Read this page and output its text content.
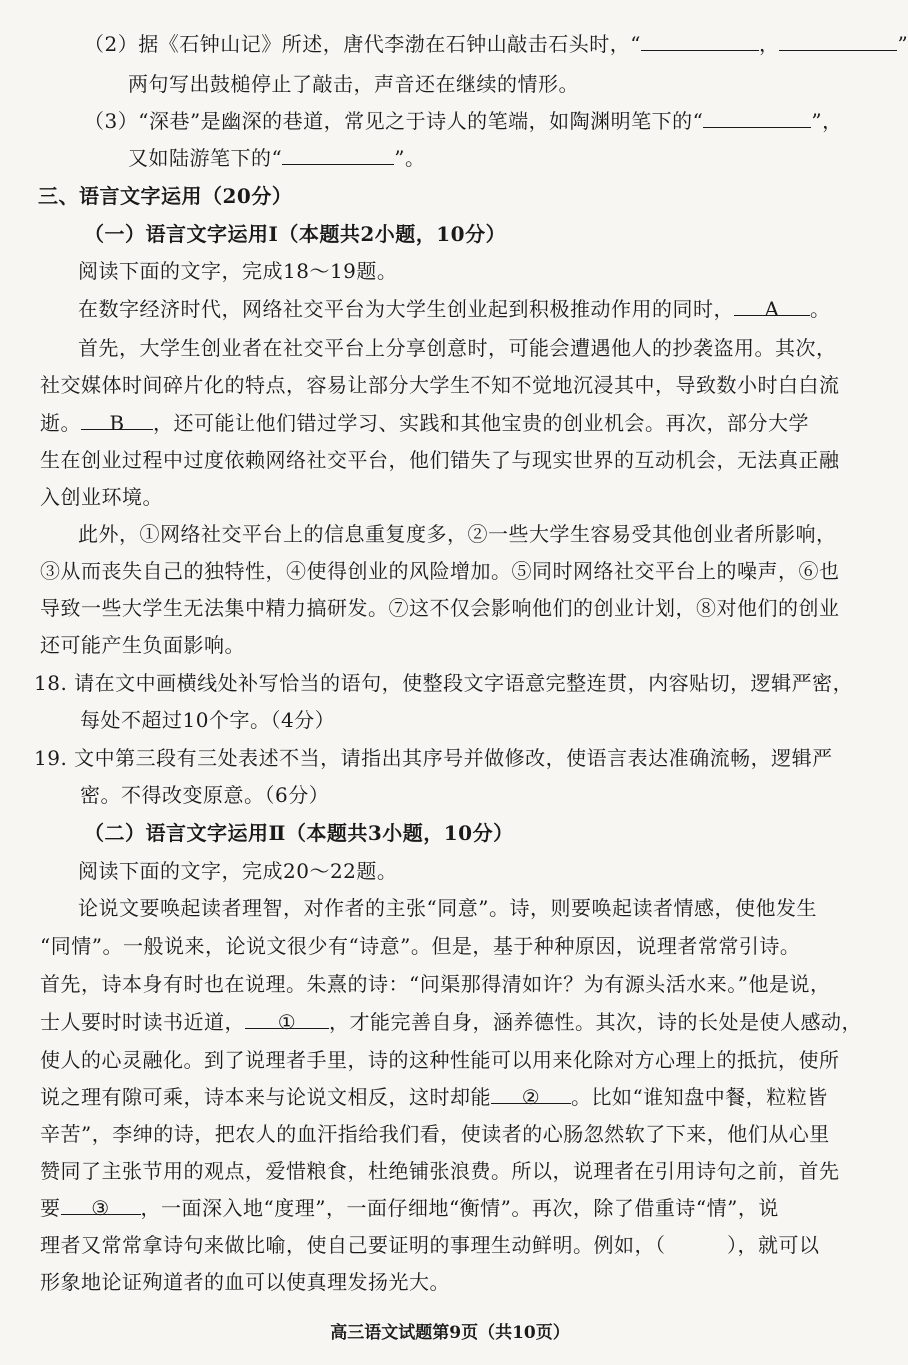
（2）据《石钟山记》所述，唐代李渤在石钟山敲击石头时，“	，	”
两句写出鼓槌停止了敲击，声音还在继续的情形。
（3）“深巷”是幽深的巷道，常见之于诗人的笔端，如陶渊明笔下的“	”，
又如陆游笔下的“	”。
三、语言文字运用（20分）
（一）语言文字运用Ⅰ（本题共2小题，10分）
阅读下面的文字，完成18～19题。
在数字经济时代，网络社交平台为大学生创业起到积极推动作用的同时， A 。
首先，大学生创业者在社交平台上分享创意时，可能会遭遇他人的抄袭盗用。其次，
社交媒体时间碎片化的特点，容易让部分大学生不知不觉地沉浸其中，导致数小时白白流
逝。 B ，还可能让他们错过学习、实践和其他宝贵的创业机会。再次，部分大学
生在创业过程中过度依赖网络社交平台，他们错失了与现实世界的互动机会，无法真正融
入创业环境。
此外，①网络社交平台上的信息重复度多，②一些大学生容易受其他创业者所影响，
③从而丧失自己的独特性，④使得创业的风险增加。⑤同时网络社交平台上的噪声，⑥也
导致一些大学生无法集中精力搞研发。⑦这不仅会影响他们的创业计划，⑧对他们的创业
还可能产生负面影响。
18. 请在文中画横线处补写恰当的语句，使整段文字语意完整连贯，内容贴切，逻辑严密，
每处不超过10个字。（4分）
19. 文中第三段有三处表述不当，请指出其序号并做修改，使语言表达准确流畅，逻辑严
密。不得改变原意。（6分）
（二）语言文字运用Ⅱ（本题共3小题，10分）
阅读下面的文字，完成20～22题。
论说文要唤起读者理智，对作者的主张“同意”。诗，则要唤起读者情感，使他发生
“同情”。一般说来，论说文很少有“诗意”。但是，基于种种原因，说理者常常引诗。
首先，诗本身有时也在说理。朱熹的诗：“问渠那得清如许？为有源头活水来。”他是说，
士人要时时读书近道， ① ，才能完善自身，涵养德性。其次，诗的长处是使人感动，
使人的心灵融化。到了说理者手里，诗的这种性能可以用来化除对方心理上的抵抗，使所
说之理有隙可乘，诗本来与论说文相反，这时却能 ② 。比如“谁知盘中餐，粒粒皆
辛苦”，李绅的诗，把农人的血汗指给我们看，使读者的心肠忽然软了下来，他们从心里
赞同了主张节用的观点，爱惜粮食，杜绝铺张浪费。所以，说理者在引用诗句之前，首先
要 ③ ，一面深入地“度理”，一面仔细地“衡情”。再次，除了借重诗“情”，说
理者又常常拿诗句来做比喻，使自己要证明的事理生动鲜明。例如，（　　　），就可以
形象地论证殉道者的血可以使真理发扬光大。
高三语文试题第9页（共10页）
